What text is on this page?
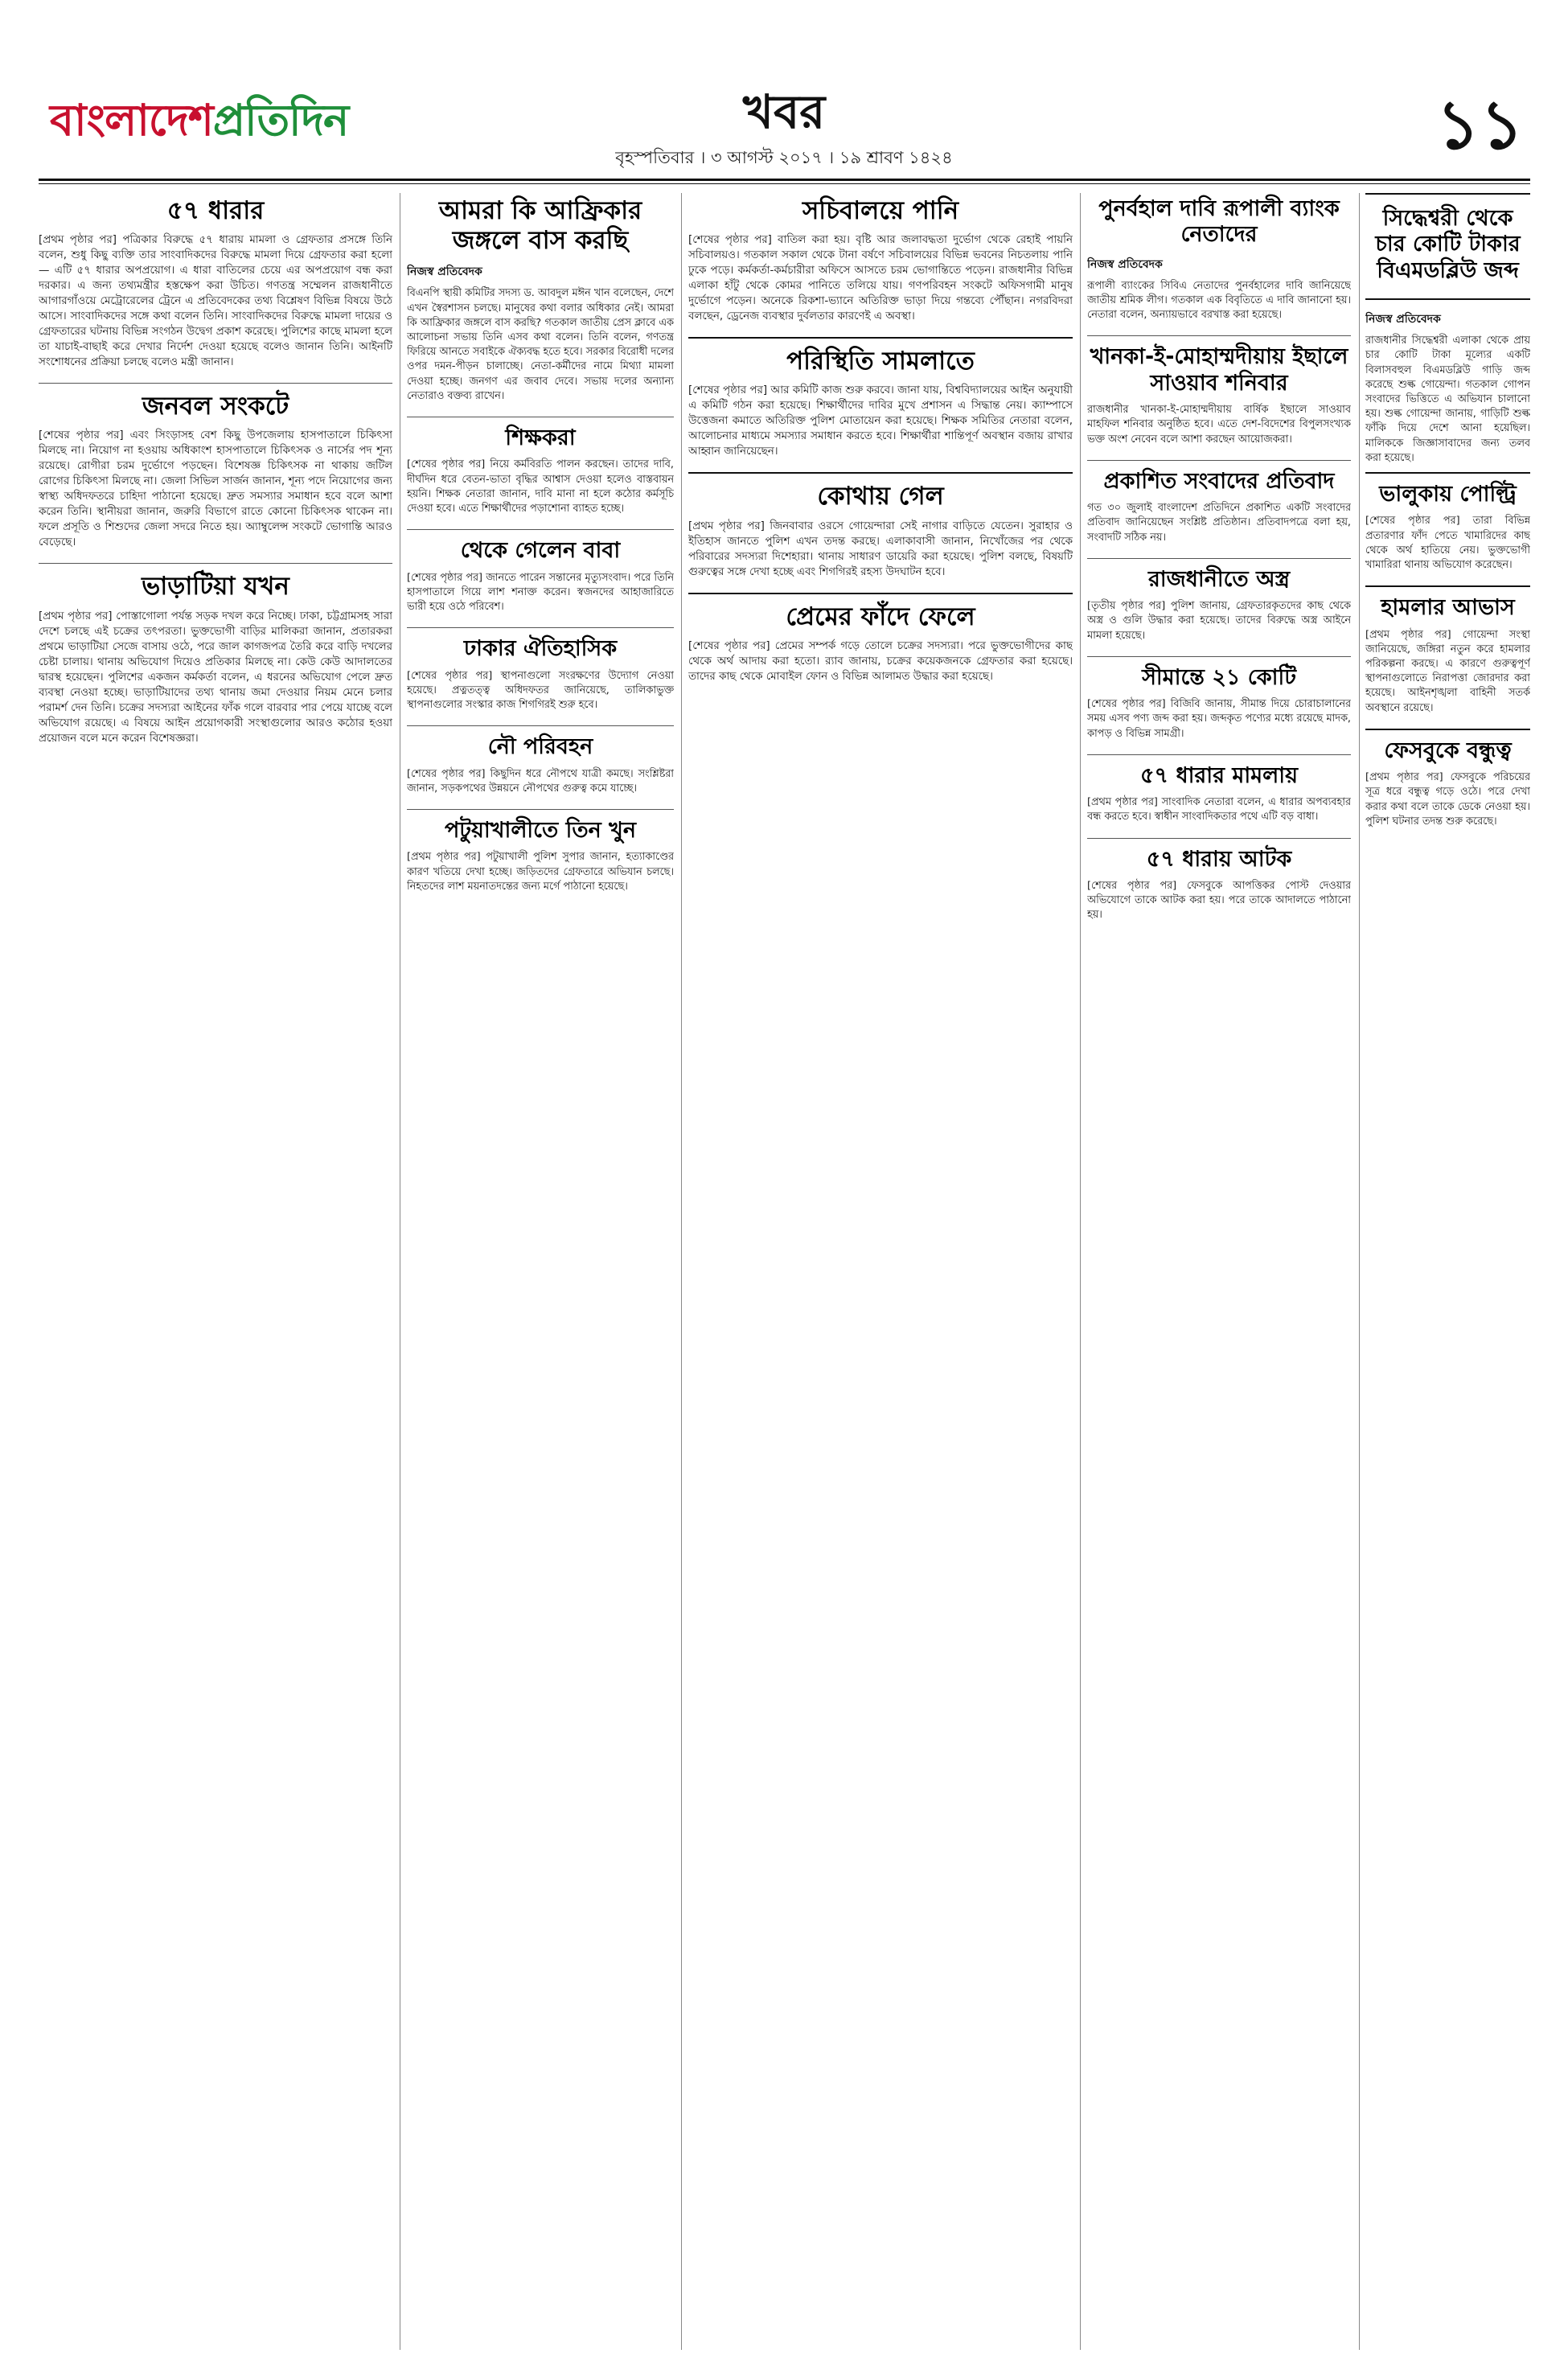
বাংলাদেশপ্রতিদিন	খবর
বৃহস্পতিবার । ৩ আগস্ট ২০১৭ । ১৯ শ্রাবণ ১৪২৪	১১
৫৭ ধারার

[প্রথম পৃষ্ঠার পর] পত্রিকার বিরুদ্ধে ৫৭ ধারায় মামলা ও গ্রেফতার প্রসঙ্গে তিনি বলেন, শুধু কিছু ব্যক্তি তার সাংবাদিকদের বিরুদ্ধে মামলা দিয়ে গ্রেফতার করা হলো— এটি ৫৭ ধারার অপপ্রয়োগ। এ ধারা বাতিলের চেয়ে এর অপপ্রয়োগ বন্ধ করা দরকার। এ জন্য তথ্যমন্ত্রীর হস্তক্ষেপ করা উচিত। গণতন্ত্র সম্মেলন রাজধানীতে আগারগাঁওয়ে মেট্রোরেলের ট্রেনে এ প্রতিবেদকের তথ্য বিশ্লেষণ বিভিন্ন বিষয়ে উঠে আসে। সাংবাদিকদের সঙ্গে কথা বলেন তিনি। সাংবাদিকদের বিরুদ্ধে মামলা দায়ের ও গ্রেফতারের ঘটনায় বিভিন্ন সংগঠন উদ্বেগ প্রকাশ করেছে। পুলিশের কাছে মামলা হলে তা যাচাই-বাছাই করে দেখার নির্দেশ দেওয়া হয়েছে বলেও জানান তিনি। আইনটি সংশোধনের প্রক্রিয়া চলছে বলেও মন্ত্রী জানান।

জনবল সংকটে

[শেষের পৃষ্ঠার পর] এবং সিংড়াসহ বেশ কিছু উপজেলায় হাসপাতালে চিকিৎসা মিলছে না। নিয়োগ না হওয়ায় অধিকাংশ হাসপাতালে চিকিৎসক ও নার্সের পদ শূন্য রয়েছে। রোগীরা চরম দুর্ভোগে পড়ছেন। বিশেষজ্ঞ চিকিৎসক না থাকায় জটিল রোগের চিকিৎসা মিলছে না। জেলা সিভিল সার্জন জানান, শূন্য পদে নিয়োগের জন্য স্বাস্থ্য অধিদফতরে চাহিদা পাঠানো হয়েছে। দ্রুত সমস্যার সমাধান হবে বলে আশা করেন তিনি। স্থানীয়রা জানান, জরুরি বিভাগে রাতে কোনো চিকিৎসক থাকেন না। ফলে প্রসূতি ও শিশুদের জেলা সদরে নিতে হয়। অ্যাম্বুলেন্স সংকটে ভোগান্তি আরও বেড়েছে।

ভাড়াটিয়া যখন

[প্রথম পৃষ্ঠার পর] পোস্তাগোলা পর্যন্ত সড়ক দখল করে নিচ্ছে। ঢাকা, চট্টগ্রামসহ সারা দেশে চলছে এই চক্রের তৎপরতা। ভুক্তভোগী বাড়ির মালিকরা জানান, প্রতারকরা প্রথমে ভাড়াটিয়া সেজে বাসায় ওঠে, পরে জাল কাগজপত্র তৈরি করে বাড়ি দখলের চেষ্টা চালায়। থানায় অভিযোগ দিয়েও প্রতিকার মিলছে না। কেউ কেউ আদালতের দ্বারস্থ হয়েছেন। পুলিশের একজন কর্মকর্তা বলেন, এ ধরনের অভিযোগ পেলে দ্রুত ব্যবস্থা নেওয়া হচ্ছে। ভাড়াটিয়াদের তথ্য থানায় জমা দেওয়ার নিয়ম মেনে চলার পরামর্শ দেন তিনি। চক্রের সদস্যরা আইনের ফাঁক গলে বারবার পার পেয়ে যাচ্ছে বলে অভিযোগ রয়েছে। এ বিষয়ে আইন প্রয়োগকারী সংস্থাগুলোর আরও কঠোর হওয়া প্রয়োজন বলে মনে করেন বিশেষজ্ঞরা।

আমরা কি আফ্রিকার জঙ্গলে বাস করছি
নিজস্ব প্রতিবেদক

বিএনপি স্থায়ী কমিটির সদস্য ড. আবদুল মঈন খান বলেছেন, দেশে এখন স্বৈরশাসন চলছে। মানুষের কথা বলার অধিকার নেই। আমরা কি আফ্রিকার জঙ্গলে বাস করছি? গতকাল জাতীয় প্রেস ক্লাবে এক আলোচনা সভায় তিনি এসব কথা বলেন। তিনি বলেন, গণতন্ত্র ফিরিয়ে আনতে সবাইকে ঐক্যবদ্ধ হতে হবে। সরকার বিরোধী দলের ওপর দমন-পীড়ন চালাচ্ছে। নেতা-কর্মীদের নামে মিথ্যা মামলা দেওয়া হচ্ছে। জনগণ এর জবাব দেবে। সভায় দলের অন্যান্য নেতারাও বক্তব্য রাখেন।

শিক্ষকরা

[শেষের পৃষ্ঠার পর] নিয়ে কর্মবিরতি পালন করছেন। তাদের দাবি, দীর্ঘদিন ধরে বেতন-ভাতা বৃদ্ধির আশ্বাস দেওয়া হলেও বাস্তবায়ন হয়নি। শিক্ষক নেতারা জানান, দাবি মানা না হলে কঠোর কর্মসূচি দেওয়া হবে। এতে শিক্ষার্থীদের পড়াশোনা ব্যাহত হচ্ছে।

থেকে গেলেন বাবা

[শেষের পৃষ্ঠার পর] জানতে পারেন সন্তানের মৃত্যুসংবাদ। পরে তিনি হাসপাতালে গিয়ে লাশ শনাক্ত করেন। স্বজনদের আহাজারিতে ভারী হয়ে ওঠে পরিবেশ।

ঢাকার ঐতিহাসিক

[শেষের পৃষ্ঠার পর] স্থাপনাগুলো সংরক্ষণের উদ্যোগ নেওয়া হয়েছে। প্রত্নতত্ত্ব অধিদফতর জানিয়েছে, তালিকাভুক্ত স্থাপনাগুলোর সংস্কার কাজ শিগগিরই শুরু হবে।

নৌ পরিবহন

[শেষের পৃষ্ঠার পর] কিছুদিন ধরে নৌপথে যাত্রী কমছে। সংশ্লিষ্টরা জানান, সড়কপথের উন্নয়নে নৌপথের গুরুত্ব কমে যাচ্ছে।

পটুয়াখালীতে তিন খুন

[প্রথম পৃষ্ঠার পর] পটুয়াখালী পুলিশ সুপার জানান, হত্যাকাণ্ডের কারণ খতিয়ে দেখা হচ্ছে। জড়িতদের গ্রেফতারে অভিযান চলছে। নিহতদের লাশ ময়নাতদন্তের জন্য মর্গে পাঠানো হয়েছে।

সচিবালয়ে পানি

[শেষের পৃষ্ঠার পর] বাতিল করা হয়। বৃষ্টি আর জলাবদ্ধতা দুর্ভোগ থেকে রেহাই পায়নি সচিবালয়ও। গতকাল সকাল থেকে টানা বর্ষণে সচিবালয়ের বিভিন্ন ভবনের নিচতলায় পানি ঢুকে পড়ে। কর্মকর্তা-কর্মচারীরা অফিসে আসতে চরম ভোগান্তিতে পড়েন। রাজধানীর বিভিন্ন এলাকা হাঁটু থেকে কোমর পানিতে তলিয়ে যায়। গণপরিবহন সংকটে অফিসগামী মানুষ দুর্ভোগে পড়েন। অনেকে রিকশা-ভ্যানে অতিরিক্ত ভাড়া দিয়ে গন্তব্যে পৌঁছান। নগরবিদরা বলছেন, ড্রেনেজ ব্যবস্থার দুর্বলতার কারণেই এ অবস্থা।

পরিস্থিতি সামলাতে

[শেষের পৃষ্ঠার পর] আর কমিটি কাজ শুরু করবে। জানা যায়, বিশ্ববিদ্যালয়ের আইন অনুযায়ী এ কমিটি গঠন করা হয়েছে। শিক্ষার্থীদের দাবির মুখে প্রশাসন এ সিদ্ধান্ত নেয়। ক্যাম্পাসে উত্তেজনা কমাতে অতিরিক্ত পুলিশ মোতায়েন করা হয়েছে। শিক্ষক সমিতির নেতারা বলেন, আলোচনার মাধ্যমে সমস্যার সমাধান করতে হবে। শিক্ষার্থীরা শান্তিপূর্ণ অবস্থান বজায় রাখার আহ্বান জানিয়েছেন।

কোথায় গেল

[প্রথম পৃষ্ঠার পর] জিনবাবার ওরসে গোয়েন্দারা সেই নাগার বাড়িতে যেতেন। সুরাহার ও ইতিহাস জানতে পুলিশ এখন তদন্ত করছে। এলাকাবাসী জানান, নিখোঁজের পর থেকে পরিবারের সদস্যরা দিশেহারা। থানায় সাধারণ ডায়েরি করা হয়েছে। পুলিশ বলছে, বিষয়টি গুরুত্বের সঙ্গে দেখা হচ্ছে এবং শিগগিরই রহস্য উদঘাটন হবে।

প্রেমের ফাঁদে ফেলে

[শেষের পৃষ্ঠার পর] প্রেমের সম্পর্ক গড়ে তোলে চক্রের সদস্যরা। পরে ভুক্তভোগীদের কাছ থেকে অর্থ আদায় করা হতো। র‌্যাব জানায়, চক্রের কয়েকজনকে গ্রেফতার করা হয়েছে। তাদের কাছ থেকে মোবাইল ফোন ও বিভিন্ন আলামত উদ্ধার করা হয়েছে।

পুনর্বহাল দাবি রূপালী ব্যাংক নেতাদের
নিজস্ব প্রতিবেদক

রূপালী ব্যাংকের সিবিএ নেতাদের পুনর্বহালের দাবি জানিয়েছে জাতীয় শ্রমিক লীগ। গতকাল এক বিবৃতিতে এ দাবি জানানো হয়। নেতারা বলেন, অন্যায়ভাবে বরখাস্ত করা হয়েছে।

খানকা-ই-মোহাম্মদীয়ায় ইছালে সাওয়াব শনিবার

রাজধানীর খানকা-ই-মোহাম্মদীয়ায় বার্ষিক ইছালে সাওয়াব মাহফিল শনিবার অনুষ্ঠিত হবে। এতে দেশ-বিদেশের বিপুলসংখ্যক ভক্ত অংশ নেবেন বলে আশা করছেন আয়োজকরা।

প্রকাশিত সংবাদের প্রতিবাদ

গত ৩০ জুলাই বাংলাদেশ প্রতিদিনে প্রকাশিত একটি সংবাদের প্রতিবাদ জানিয়েছেন সংশ্লিষ্ট প্রতিষ্ঠান। প্রতিবাদপত্রে বলা হয়, সংবাদটি সঠিক নয়।

রাজধানীতে অস্ত্র

[তৃতীয় পৃষ্ঠার পর] পুলিশ জানায়, গ্রেফতারকৃতদের কাছ থেকে অস্ত্র ও গুলি উদ্ধার করা হয়েছে। তাদের বিরুদ্ধে অস্ত্র আইনে মামলা হয়েছে।

সীমান্তে ২১ কোটি

[শেষের পৃষ্ঠার পর] বিজিবি জানায়, সীমান্ত দিয়ে চোরাচালানের সময় এসব পণ্য জব্দ করা হয়। জব্দকৃত পণ্যের মধ্যে রয়েছে মাদক, কাপড় ও বিভিন্ন সামগ্রী।

৫৭ ধারার মামলায়

[প্রথম পৃষ্ঠার পর] সাংবাদিক নেতারা বলেন, এ ধারার অপব্যবহার বন্ধ করতে হবে। স্বাধীন সাংবাদিকতার পথে এটি বড় বাধা।

৫৭ ধারায় আটক

[শেষের পৃষ্ঠার পর] ফেসবুকে আপত্তিকর পোস্ট দেওয়ার অভিযোগে তাকে আটক করা হয়। পরে তাকে আদালতে পাঠানো হয়।

সিদ্ধেশ্বরী থেকে চার কোটি টাকার বিএমডব্লিউ জব্দ
নিজস্ব প্রতিবেদক

রাজধানীর সিদ্ধেশ্বরী এলাকা থেকে প্রায় চার কোটি টাকা মূল্যের একটি বিলাসবহুল বিএমডব্লিউ গাড়ি জব্দ করেছে শুল্ক গোয়েন্দা। গতকাল গোপন সংবাদের ভিত্তিতে এ অভিযান চালানো হয়। শুল্ক গোয়েন্দা জানায়, গাড়িটি শুল্ক ফাঁকি দিয়ে দেশে আনা হয়েছিল। মালিককে জিজ্ঞাসাবাদের জন্য তলব করা হয়েছে।

ভালুকায় পোল্ট্রি

[শেষের পৃষ্ঠার পর] তারা বিভিন্ন প্রতারণার ফাঁদ পেতে খামারিদের কাছ থেকে অর্থ হাতিয়ে নেয়। ভুক্তভোগী খামারিরা থানায় অভিযোগ করেছেন।

হামলার আভাস

[প্রথম পৃষ্ঠার পর] গোয়েন্দা সংস্থা জানিয়েছে, জঙ্গিরা নতুন করে হামলার পরিকল্পনা করছে। এ কারণে গুরুত্বপূর্ণ স্থাপনাগুলোতে নিরাপত্তা জোরদার করা হয়েছে। আইনশৃঙ্খলা বাহিনী সতর্ক অবস্থানে রয়েছে।

ফেসবুকে বন্ধুত্ব

[প্রথম পৃষ্ঠার পর] ফেসবুকে পরিচয়ের সূত্র ধরে বন্ধুত্ব গড়ে ওঠে। পরে দেখা করার কথা বলে তাকে ডেকে নেওয়া হয়। পুলিশ ঘটনার তদন্ত শুরু করেছে।
